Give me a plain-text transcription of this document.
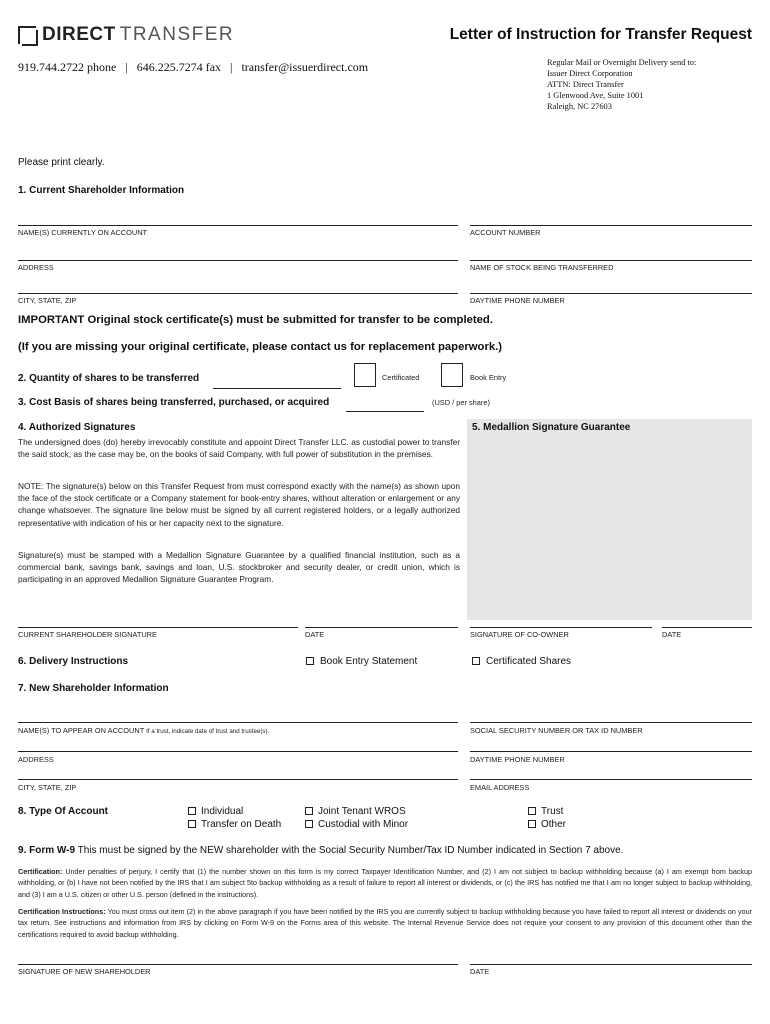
DIRECT TRANSFER	Letter of Instruction for Transfer Request
919.744.2722 phone   |   646.225.7274 fax   |   transfer@issuerdirect.com	Regular Mail or Overnight Delivery send to:
Issuer Direct Corporation
ATTN: Direct Transfer
1 Glenwood Ave, Suite 1001
Raleigh, NC 27603
Please print clearly.
1. Current Shareholder Information
NAME(S) CURRENTLY ON ACCOUNT	ACCOUNT NUMBER
ADDRESS	NAME OF STOCK BEING TRANSFERRED
CITY, STATE, ZIP	DAYTIME PHONE NUMBER
IMPORTANT Original stock certificate(s) must be submitted for transfer to be completed.
(If you are missing your original certificate, please contact us for replacement paperwork.)
2. Quantity of shares to be transferred	Certificated	Book Entry
3. Cost Basis of shares being transferred, purchased, or acquired	(USD / per share)
4. Authorized Signatures	5. Medallion Signature Guarantee
The undersigned does (do) hereby irrevocably constitute and appoint Direct Transfer LLC. as custodial power to transfer the said stock, as the case may be, on the books of said Company, with full power of substitution in the premises.
NOTE: The signature(s) below on this Transfer Request from must correspond exactly with the name(s) as shown upon the face of the stock certificate or a Company statement for book-entry shares, without alteration or enlargement or any change whatsoever. The signature line below must be signed by all current registered holders, or a legally authorized representative with indication of his or her capacity next to the signature.
Signature(s) must be stamped with a Medallion Signature Guarantee by a qualified financial institution, such as a commercial bank, savings bank, savings and loan, U.S. stockbroker and security dealer, or credit union, which is participating in an approved Medallion Signature Guarantee Program.
CURRENT SHAREHOLDER SIGNATURE	DATE	SIGNATURE OF CO-OWNER	DATE
6. Delivery Instructions	Book Entry Statement	Certificated Shares
7. New Shareholder Information
NAME(S) TO APPEAR ON ACCOUNT If a trust, indicate date of trust and trustee(s).	SOCIAL SECURITY NUMBER OR TAX ID NUMBER
ADDRESS	DAYTIME PHONE NUMBER
CITY, STATE, ZIP	EMAIL ADDRESS
8. Type Of Account	Individual
Transfer on Death
Joint Tenant WROS
Custodial with Minor
Trust
Other
9. Form W-9 This must be signed by the NEW shareholder with the Social Security Number/Tax ID Number indicated in Section 7 above.
Certification: Under penalties of perjury, I certify that (1) the number shown on this form is my correct Taxpayer Identification Number, and (2) I am not subject to backup withholding because (a) I am exempt from backup withholding, or (b) I have not been notified by the IRS that I am subject 5to backup withholding as a result of failure to report all interest or dividends, or (c) the IRS has notified me that I am no longer subject to backup withholding, and (3) I am a U.S. citizen or other U.S. person (defined in the instructions).
Certification Instructions: You must cross out item (2) in the above paragraph if you have been notified by the IRS you are currently subject to backup withholding because you have failed to report all interest or dividends on your tax return. See instructions and information from IRS by clicking on Form W-9 on the Forms area of this website. The Internal Revenue Service does not require your consent to any provision of this document other than the certifications required to avoid backup withholding.
SIGNATURE OF NEW SHAREHOLDER	DATE
